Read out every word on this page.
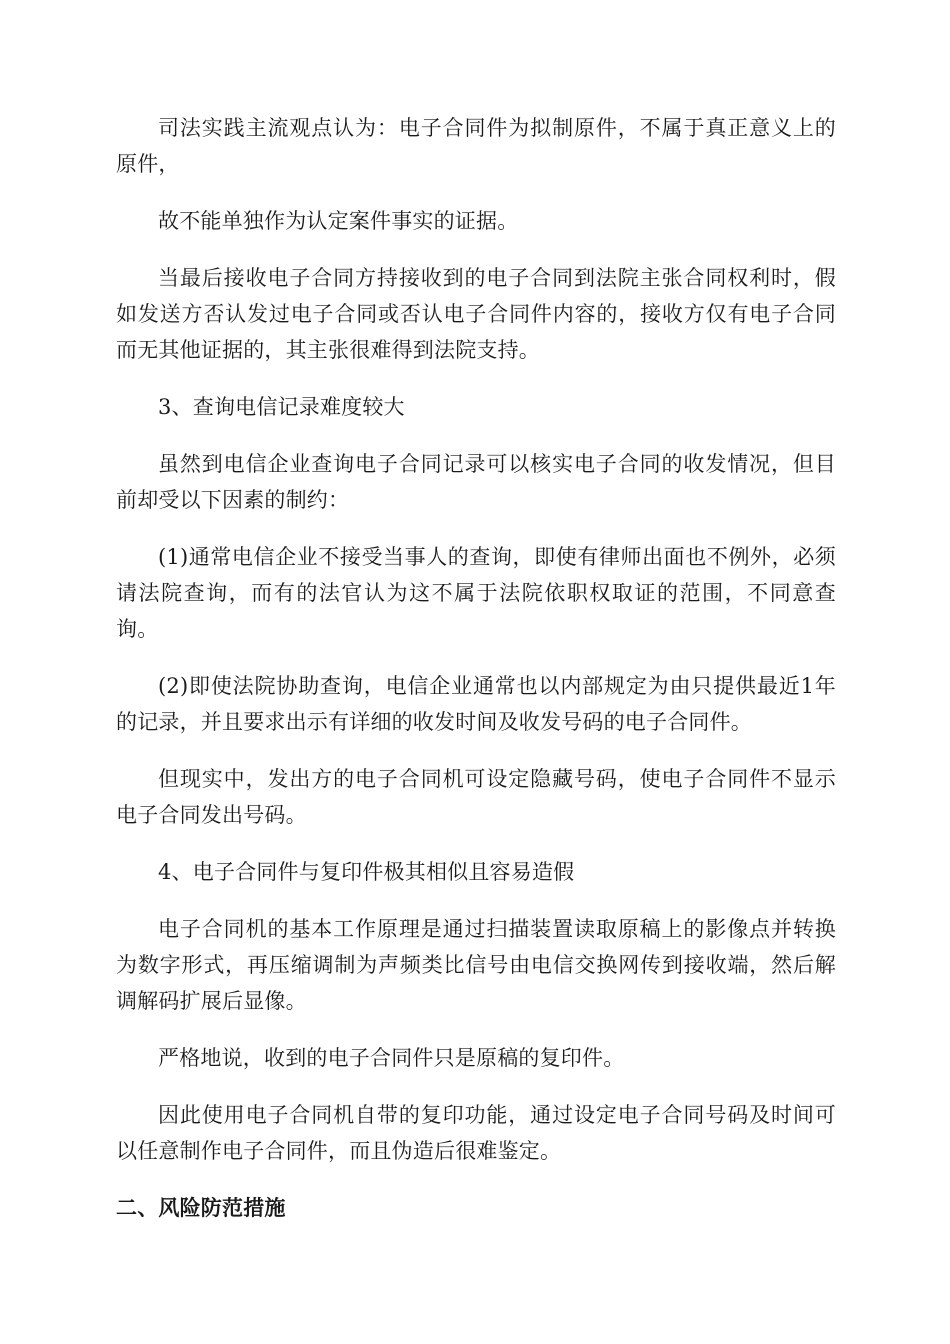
司法实践主流观点认为：电子合同件为拟制原件，不属于真正意义上的原件，

故不能单独作为认定案件事实的证据。

当最后接收电子合同方持接收到的电子合同到法院主张合同权利时，假如发送方否认发过电子合同或否认电子合同件内容的，接收方仅有电子合同而无其他证据的，其主张很难得到法院支持。

3、查询电信记录难度较大

虽然到电信企业查询电子合同记录可以核实电子合同的收发情况，但目前却受以下因素的制约：

(1)通常电信企业不接受当事人的查询，即使有律师出面也不例外，必须请法院查询，而有的法官认为这不属于法院依职权取证的范围，不同意查询。

(2)即使法院协助查询，电信企业通常也以内部规定为由只提供最近1年的记录，并且要求出示有详细的收发时间及收发号码的电子合同件。

但现实中，发出方的电子合同机可设定隐藏号码，使电子合同件不显示电子合同发出号码。

4、电子合同件与复印件极其相似且容易造假

电子合同机的基本工作原理是通过扫描装置读取原稿上的影像点并转换为数字形式，再压缩调制为声频类比信号由电信交换网传到接收端，然后解调解码扩展后显像。

严格地说，收到的电子合同件只是原稿的复印件。

因此使用电子合同机自带的复印功能，通过设定电子合同号码及时间可以任意制作电子合同件，而且伪造后很难鉴定。

二、风险防范措施
